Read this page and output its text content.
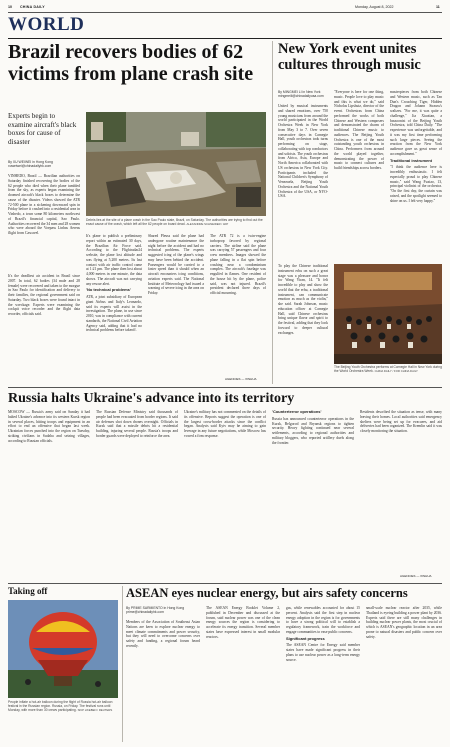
10 CHINA DAILY	Monday, August 8, 2022	11
WORLD
Brazil recovers bodies of 62 victims from plane crash site
Experts begin to examine aircraft's black boxes for cause of disaster
Debris lies at the site of a plane crash in the Sao Paulo state, Brazil, on Saturday. The authorities are trying to find out the exact cause of the crash, which left all the 62 people on board dead. ALEXANDRE SCHNEIDER / AFP
By XU WEIWEI in Hong Kong xuweiwei@chinadailyhk.com
VINHEDO, Brazil — Brazilian authorities on Saturday finished recovering the bodies of the 62 people who died when their plane tumbled from the sky, as experts began examining the doomed aircraft's black boxes to determine the cause of the disaster. Videos showed the ATR 72-500 plane in a sickening downward spin in Friday before it crashed into a residential area in Vinhedo, a town some 80 kilometers northwest of Brazil's financial capital, Sao Paulo. Authorities recovered the 34 men and 28 women who were aboard the Voepass Linhas Aereas flight from Cascavel.
It's the deadliest air accident in Brazil since 2007. In total, 62 bodies (34 male and 28 female) were recovered and taken to the morgue in Sao Paulo for identification and delivery to their families, the regional government said on Saturday. Two black boxes were found intact in the wreckage. Experts were examining the cockpit voice recorder and the flight data recorder, officials said.
It's plane to publish a preliminary report within an estimated 30 days, the Brazilian Air Force said. According to the Flightradar24 website, the plane lost altitude and was flying at 5,200 meters. Its last contact with air traffic control came at 1:21 pm. The plane then lost about 4,000 meters in one minute, the data shows. The aircraft was not carrying any rescue alert.
'No technical problems'
ATR, a joint subsidiary of European giant Airbus and Italy's Leonardo, said its experts will assist in the investigation. The plane, in use since 2010, was in compliance with current standards, the National Civil Aviation Agency said, adding that it had no technical problems before takeoff.
Shared Pleuss said the plane had undergone routine maintenance the night before the accident and had no technical problems. The experts suggested icing of the plane's wings may have been behind the accident. Passengers would be carried to a faster speed than it should when an aircraft encounters icing conditions, aviation experts said. The National Institute of Meteorology had issued a warning of severe icing in the area on Friday.
The ATR 72 is a twin-engine turboprop favored by regional carriers. The airline said the plane was carrying 57 passengers and four crew members. Images showed the plane falling in a flat spin before crashing near a condominium complex. The aircraft's fuselage was engulfed in flames. One resident of the house hit by the plane, police said, was not injured. Brazil's president declared three days of official mourning.
AGENCIES — XINHUA
New York event unites cultures through music
By MINGMEI LI in New York mingmeili@chinadailyusa.com
United by musical instruments and shared emotions, over 750 young musicians from around the world participated in the World Orchestra Week in New York from May 3 to 7. Over seven consecutive days in Carnegie Hall, youth orchestras took turns performing on stage, collaborating with top conductors and soloists. The youth orchestras from Africa, Asia, Europe and North America collaborated with US orchestras in New York City. Participants included the National Children's Symphony of Venezuela, Beijing Youth Orchestra and the National Youth Orchestra of the USA, or NYO-USA.
"Everyone is here for one thing, music. People love to play music and this is what we do," said Nicholas Lipshutz, director of the event. Orchestras from China performed the works of both Chinese and Western composers and demonstrated the charm of traditional Chinese music to audiences. The Beijing Youth Orchestra is one of the most outstanding youth orchestras in China. Performers from around the world played together, demonstrating the power of music to connect cultures and build friendships across borders.
masterpieces from both Chinese and Western music, such as Tan Dun's Crouching Tiger, Hidden Dragon and Johann Strauss's waltzes. "For me, it was quite a challenge," Jia Xiaotian, a bassoonist of the Beijing Youth Orchestra, told China Daily. "The experience was unforgettable, and it was my first time performing such large pieces. Seeing the reaction from the New York audience gave us great sense of accomplishment."
Traditional instrument
"I think the audience here is incredibly enthusiastic. I felt especially proud to play Chinese music," said Wang Fuxiao, 13, principal violinist of the orchestra. "On the first day, the curtain was raised, and the spotlight seemed to shine on us. I felt very happy."
To play the Chinese traditional instrument erhu on such a great stage was a pleasure and honor for Wang Yiran, 14. "It felt incredible to play and show the world that the erhu, a traditional instrument, can communicate emotion as much as the violin," she said. Sarah Johnson, music education officer at Carnegie Hall, said Chinese orchestras bring unique flavor and spirit to the festival, adding that they look forward to deeper cultural exchanges.
The Beijing Youth Orchestra performs at Carnegie Hall in New York during the World Orchestra Week. CHINA DAILY / FOR CHINA DAILY
Russia halts Ukraine's advance into its territory
MOSCOW — Russia's army said on Sunday it had halted Ukraine's advance into its western Kursk region in several places, hitting troops and equipment in an effort to end an offensive that began last week. Ukrainian forces punched into the region on Tuesday, striking civilians in Sudzha and seizing villages, according to Russian officials.
The Russian Defense Ministry said thousands of people had been evacuated from border regions. It said air defenses shot down drones overnight. Officials in Kursk said that a missile debris hit a residential building, injuring several people. Russia's troops and border guards were deployed to reinforce the area.
Ukraine's military has not commented on the details of its offensive. Reports suggest the operation is one of the largest cross-border attacks since the conflict began. Analysts said Kyiv may be aiming to gain leverage in any future negotiations, while Moscow has vowed a firm response.
'Counterterror operations'
Russia has announced counterterror operations in the Kursk, Belgorod and Bryansk regions to tighten security. Heavy fighting continued near several settlements, according to regional authorities and military bloggers, who reported artillery duels along the frontier.
Residents described the situation as tense, with many leaving their homes. Local authorities said emergency shelters were being set up for evacuees, and aid deliveries had been organized. The Kremlin said it was closely monitoring the situation.
AGENCIES — XINHUA
Taking off
People inflate a hot-air balloon during the flight of Russia hot-air balloon festival in the Russian region. Russia, on Friday. The festival runs until Monday, with more than 30 crews participating. SKIP LIKEBEN / REUTERS
ASEAN eyes nuclear energy, but airs safety concerns
By PRIME SARMIENTO in Hong Kong prime@chinadailyhk.com
Members of the Association of Southeast Asian Nations are keen to explore nuclear energy to meet climate commitments and power security, but they will need to overcome concerns over safety and funding, a regional forum heard recently.
The ASEAN Energy Booklet Volume 2, published in December and discussed at the forum, said nuclear power was one of the clean energy sources the region is considering to accelerate its energy transition. Several member states have expressed interest in small modular reactors.
gas, while renewables accounted for about 15 percent. Analysts said the first step in nuclear energy adoption in the region is for governments to have a strong political will to establish a regulatory framework, train the workforce and engage communities to ease public concerns.
Significant progress
The ASEAN Centre for Energy said member states have made significant progress in their plans to use nuclear power as a long-term energy source.
small-scale nuclear reactor after 2035, while Thailand is eyeing building a power plant by 2036. Experts said there are still many challenges in building nuclear power plants, the most crucial of which is ASEAN's geographic location in an area prone to natural disasters and public concern over safety.
